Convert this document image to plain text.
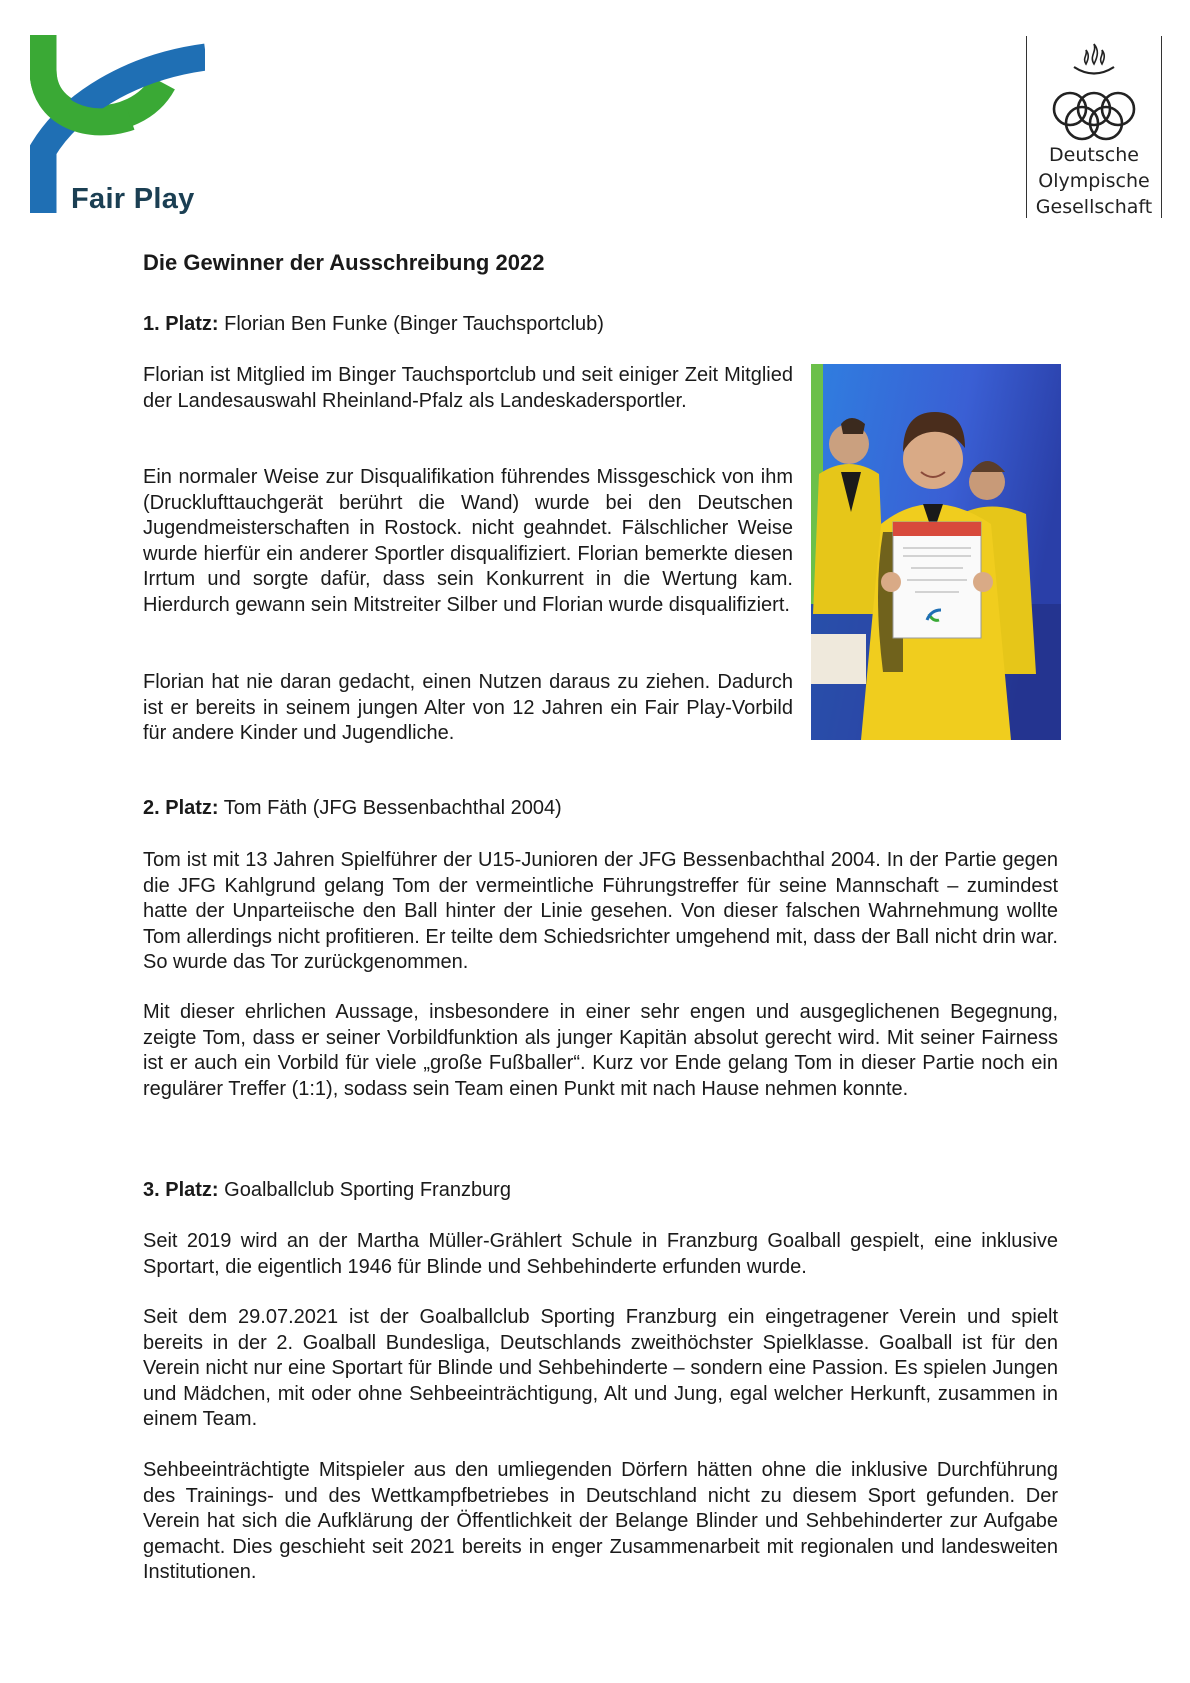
Fair Play
Deutsche
Olympische
Gesellschaft
Die Gewinner der Ausschreibung 2022

1. Platz: Florian Ben Funke (Binger Tauchsportclub)

Florian ist Mitglied im Binger Tauchsportclub und seit einiger Zeit Mitglied der Landesauswahl Rheinland-Pfalz als Landeskadersportler.

Ein normaler Weise zur Disqualifikation führendes Missgeschick von ihm (Drucklufttauchgerät berührt die Wand) wurde bei den Deutschen Jugendmeisterschaften in Rostock. nicht geahndet. Fälschlicher Weise wurde hierfür ein anderer Sportler disqualifiziert. Florian bemerkte diesen Irrtum und sorgte dafür, dass sein Konkurrent in die Wertung kam. Hierdurch gewann sein Mitstreiter Silber und Florian wurde disqualifiziert.

Florian hat nie daran gedacht, einen Nutzen daraus zu ziehen. Dadurch ist er bereits in seinem jungen Alter von 12 Jahren ein Fair Play-Vorbild für andere Kinder und Jugendliche.

2. Platz: Tom Fäth (JFG Bessenbachthal 2004)

Tom ist mit 13 Jahren Spielführer der U15-Junioren der JFG Bessenbachthal 2004. In der Partie gegen die JFG Kahlgrund gelang Tom der vermeintliche Führungstreffer für seine Mannschaft – zumindest hatte der Unparteiische den Ball hinter der Linie gesehen. Von dieser falschen Wahrnehmung wollte Tom allerdings nicht profitieren. Er teilte dem Schiedsrichter umgehend mit, dass der Ball nicht drin war. So wurde das Tor zurückgenommen.

Mit dieser ehrlichen Aussage, insbesondere in einer sehr engen und ausgeglichenen Begegnung, zeigte Tom, dass er seiner Vorbildfunktion als junger Kapitän absolut gerecht wird. Mit seiner Fairness ist er auch ein Vorbild für viele „große Fußballer“. Kurz vor Ende gelang Tom in dieser Partie noch ein regulärer Treffer (1:1), sodass sein Team einen Punkt mit nach Hause nehmen konnte.

3. Platz: Goalballclub Sporting Franzburg

Seit 2019 wird an der Martha Müller-Grählert Schule in Franzburg Goalball gespielt, eine inklusive Sportart, die eigentlich 1946 für Blinde und Sehbehinderte erfunden wurde.

Seit dem 29.07.2021 ist der Goalballclub Sporting Franzburg ein eingetragener Verein und spielt bereits in der 2. Goalball Bundesliga, Deutschlands zweithöchster Spielklasse. Goalball ist für den Verein nicht nur eine Sportart für Blinde und Sehbehinderte – sondern eine Passion. Es spielen Jungen und Mädchen, mit oder ohne Sehbeeinträchtigung, Alt und Jung, egal welcher Herkunft, zusammen in einem Team.

Sehbeeinträchtigte Mitspieler aus den umliegenden Dörfern hätten ohne die inklusive Durchführung des Trainings- und des Wettkampfbetriebes in Deutschland nicht zu diesem Sport gefunden. Der Verein hat sich die Aufklärung der Öffentlichkeit der Belange Blinder und Sehbehinderter zur Aufgabe gemacht. Dies geschieht seit 2021 bereits in enger Zusammenarbeit mit regionalen und landesweiten Institutionen.
